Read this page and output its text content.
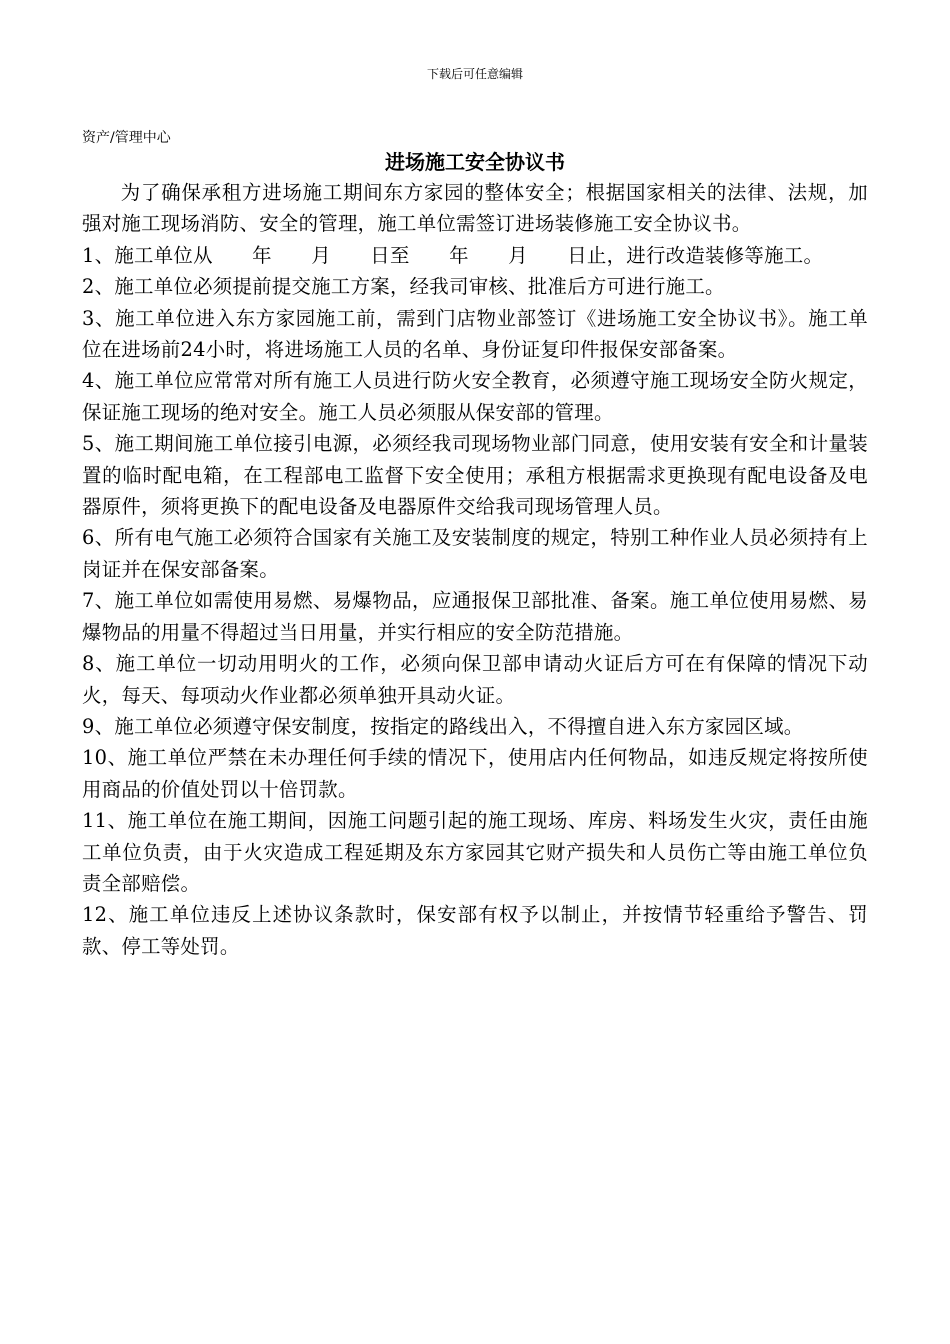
下载后可任意编辑
资产/管理中心
进场施工安全协议书

为了确保承租方进场施工期间东方家园的整体安全；根据国家相关的法律、法规，加强对施工现场消防、安全的管理，施工单位需签订进场装修施工安全协议书。

1、施工单位从　　年　　月　　日至　　年　　月　　日止，进行改造装修等施工。

2、施工单位必须提前提交施工方案，经我司审核、批准后方可进行施工。

3、施工单位进入东方家园施工前，需到门店物业部签订《进场施工安全协议书》。施工单位在进场前24小时，将进场施工人员的名单、身份证复印件报保安部备案。

4、施工单位应常常对所有施工人员进行防火安全教育，必须遵守施工现场安全防火规定，保证施工现场的绝对安全。施工人员必须服从保安部的管理。

5、施工期间施工单位接引电源，必须经我司现场物业部门同意，使用安装有安全和计量装置的临时配电箱，在工程部电工监督下安全使用；承租方根据需求更换现有配电设备及电器原件，须将更换下的配电设备及电器原件交给我司现场管理人员。

6、所有电气施工必须符合国家有关施工及安装制度的规定，特别工种作业人员必须持有上岗证并在保安部备案。

7、施工单位如需使用易燃、易爆物品，应通报保卫部批准、备案。施工单位使用易燃、易爆物品的用量不得超过当日用量，并实行相应的安全防范措施。

8、施工单位一切动用明火的工作，必须向保卫部申请动火证后方可在有保障的情况下动火，每天、每项动火作业都必须单独开具动火证。

9、施工单位必须遵守保安制度，按指定的路线出入，不得擅自进入东方家园区域。

10、施工单位严禁在未办理任何手续的情况下，使用店内任何物品，如违反规定将按所使用商品的价值处罚以十倍罚款。

11、施工单位在施工期间，因施工问题引起的施工现场、库房、料场发生火灾，责任由施工单位负责，由于火灾造成工程延期及东方家园其它财产损失和人员伤亡等由施工单位负责全部赔偿。

12、施工单位违反上述协议条款时，保安部有权予以制止，并按情节轻重给予警告、罚款、停工等处罚。
